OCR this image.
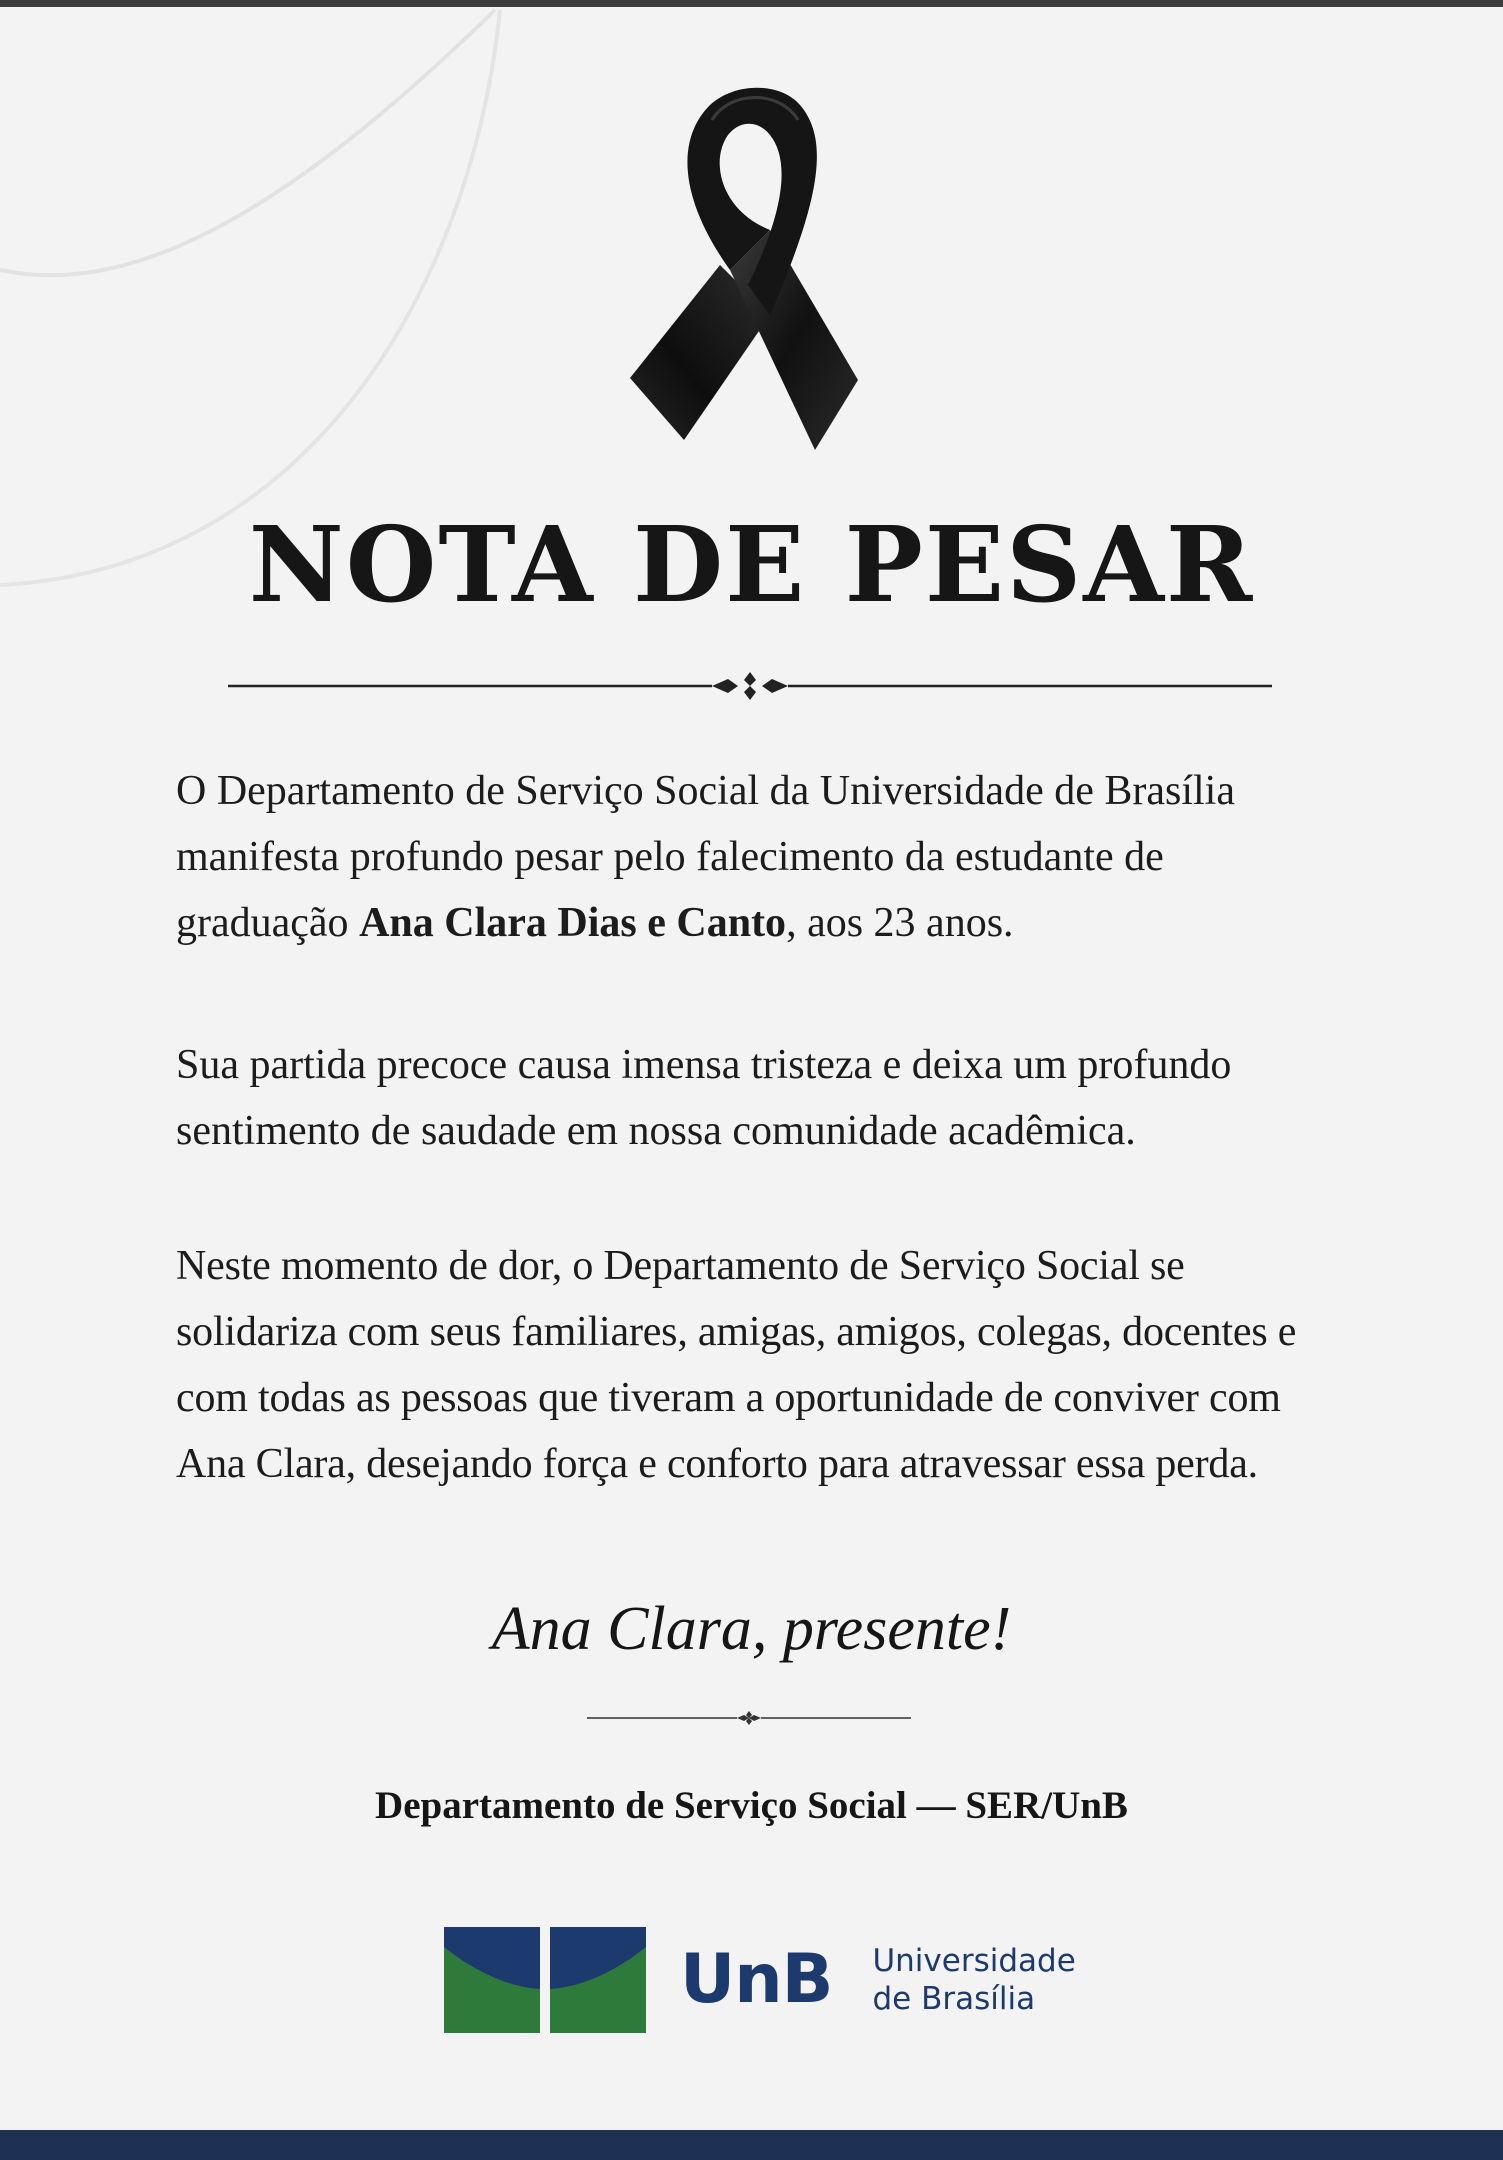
NOTA DE PESAR

O Departamento de Serviço Social da Universidade de Brasília manifesta profundo pesar pelo falecimento da estudante de graduação Ana Clara Dias e Canto, aos 23 anos.

Sua partida precoce causa imensa tristeza e deixa um profundo sentimento de saudade em nossa comunidade acadêmica.

Neste momento de dor, o Departamento de Serviço Social se solidariza com seus familiares, amigas, amigos, colegas, docentes e com todas as pessoas que tiveram a oportunidade de conviver com Ana Clara, desejando força e conforto para atravessar essa perda.

Ana Clara, presente!
Departamento de Serviço Social — SER/UnB
UnB Universidade
de Brasília
